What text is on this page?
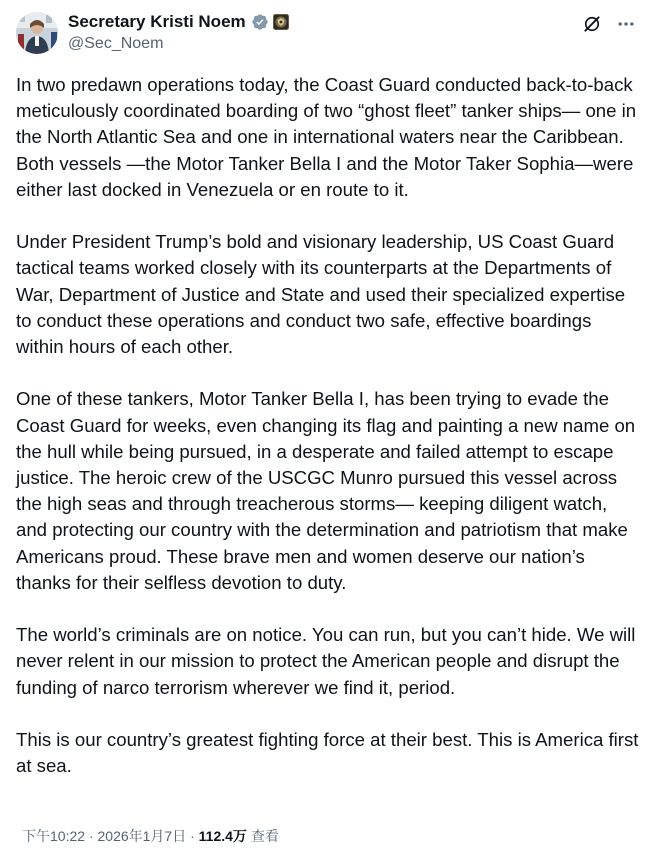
Secretary Kristi Noem
@Sec_Noem

In two predawn operations today, the Coast Guard conducted back-to-back meticulously coordinated boarding of two “ghost fleet” tanker ships— one in the North Atlantic Sea and one in international waters near the Caribbean. Both vessels —the Motor Tanker Bella I and the Motor Taker Sophia—were either last docked in Venezuela or en route to it.

Under President Trump’s bold and visionary leadership, US Coast Guard tactical teams worked closely with its counterparts at the Departments of War, Department of Justice and State and used their specialized expertise to conduct these operations and conduct two safe, effective boardings within hours of each other.

One of these tankers, Motor Tanker Bella I, has been trying to evade the Coast Guard for weeks, even changing its flag and painting a new name on the hull while being pursued, in a desperate and failed attempt to escape justice. The heroic crew of the USCGC Munro pursued this vessel across the high seas and through treacherous storms— keeping diligent watch, and protecting our country with the determination and patriotism that make Americans proud. These brave men and women deserve our nation’s thanks for their selfless devotion to duty.

The world’s criminals are on notice. You can run, but you can’t hide. We will never relent in our mission to protect the American people and disrupt the funding of narco terrorism wherever we find it, period.

This is our country’s greatest fighting force at their best. This is America first at sea.

下午10:22 · 2026年1月7日 · 112.4万 查看
